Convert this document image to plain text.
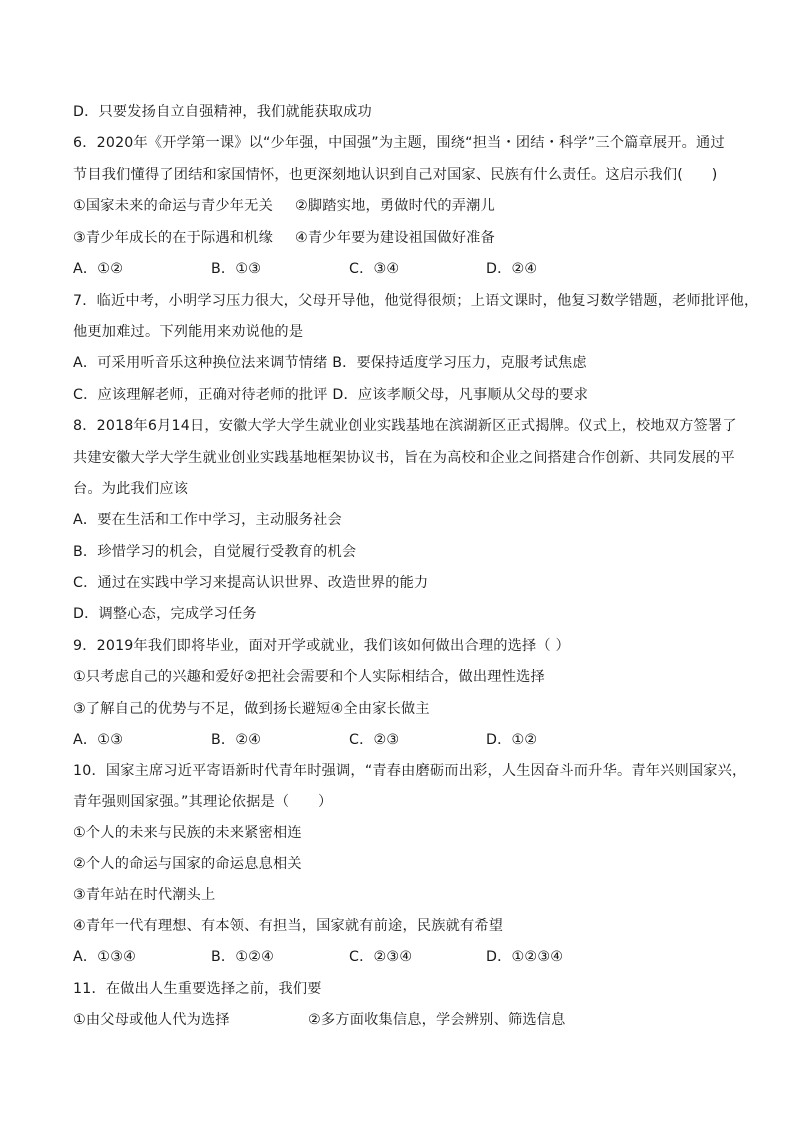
D．只要发扬自立自强精神，我们就能获取成功
6．2020年《开学第一课》以“少年强，中国强”为主题，围绕“担当・团结・科学”三个篇章展开。通过
节目我们懂得了团结和家国情怀，也更深刻地认识到自己对国家、民族有什么责任。这启示我们(　　)
①国家未来的命运与青少年无关 ②脚踏实地，勇做时代的弄潮儿
③青少年成长的在于际遇和机缘 ④青少年要为建设祖国做好准备
A．①②	B．①③	C．③④	D．②④
7．临近中考，小明学习压力很大，父母开导他，他觉得很烦；上语文课时，他复习数学错题，老师批评他，
他更加难过。下列能用来劝说他的是
A．可采用听音乐这种换位法来调节情绪 B．要保持适度学习压力，克服考试焦虑
C．应该理解老师，正确对待老师的批评 D．应该孝顺父母，凡事顺从父母的要求
8．2018年6月14日，安徽大学大学生就业创业实践基地在滨湖新区正式揭牌。仪式上，校地双方签署了
共建安徽大学大学生就业创业实践基地框架协议书，旨在为高校和企业之间搭建合作创新、共同发展的平
台。为此我们应该
A．要在生活和工作中学习，主动服务社会
B．珍惜学习的机会，自觉履行受教育的机会
C．通过在实践中学习来提高认识世界、改造世界的能力
D．调整心态，完成学习任务
9．2019年我们即将毕业，面对开学或就业，我们该如何做出合理的选择（ ）
①只考虑自己的兴趣和爱好②把社会需要和个人实际相结合，做出理性选择
③了解自己的优势与不足，做到扬长避短④全由家长做主
A．①③	B．②④	C．②③	D．①②
10．国家主席习近平寄语新时代青年时强调，“青春由磨砺而出彩，人生因奋斗而升华。青年兴则国家兴，
青年强则国家强。”其理论依据是（　　）
①个人的未来与民族的未来紧密相连
②个人的命运与国家的命运息息相关
③青年站在时代潮头上
④青年一代有理想、有本领、有担当，国家就有前途，民族就有希望
A．①③④	B．①②④	C．②③④	D．①②③④
11．在做出人生重要选择之前，我们要
①由父母或他人代为选择	②多方面收集信息，学会辨别、筛选信息
